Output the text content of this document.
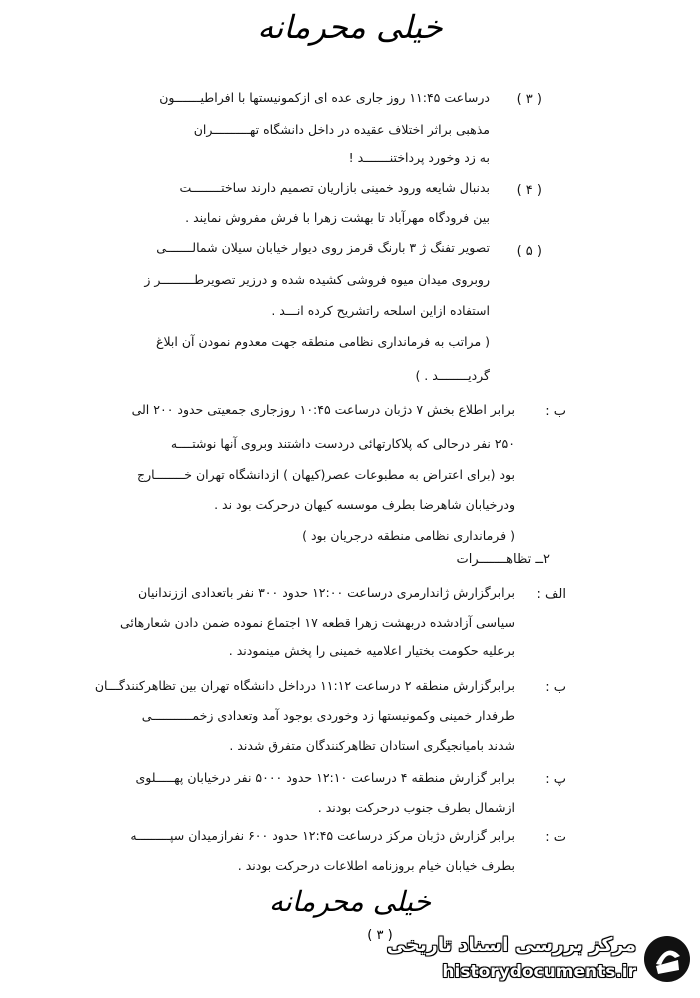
خیلی محرمانه
( ۳ )
درساعت ۱۱:۴۵ روز جاری عده ای ازکمونیستها با افراطیـــــــون
مذهبی براثر اختلاف عقیده در داخل دانشگاه تهــــــــــران
به زد وخورد پرداختنـــــــد !
( ۴ )
بدنبال شایعه ورود خمینی بازاریان تصمیم دارند ساختــــــــت
بین فرودگاه مهرآباد تا بهشت زهرا با فرش مفروش نمایند .
( ۵ )
تصویر تفنگ ژ ۳ بارنگ قرمز روی دیوار خیابان سیلان شمالـــــــی
روبروی میدان میوه فروشی کشیده شده و درزیر تصویرطـــــــــر ز
استفاده ازاین اسلحه راتشریح کرده انـــد .
( مراتب به فرمانداری نظامی منطقه جهت معدوم نمودن آن ابلاغ
گردیــــــــد . )
ب :
برابر اطلاع بخش ۷ دژبان درساعت ۱۰:۴۵ روزجاری جمعیتی حدود ۲۰۰ الی
۲۵۰ نفر درحالی که پلاکارتهائی دردست داشتند وبروی آنها نوشتــــه
بود (برای اعتراض به مطبوعات عصر(کیهان ) ازدانشگاه تهران خــــــــارج
ودرخیابان شاهرضا بطرف موسسه کیهان درحرکت بود ند .
( فرمانداری نظامی منطقه درجریان بود )
۲ــ تظاهـــــــرات
الف :
برابرگزارش ژاندارمری درساعت ۱۲:۰۰ حدود ۳۰۰ نفر باتعدادی اززندانیان
سیاسی آزادشده دربهشت زهرا قطعه ۱۷ اجتماع نموده ضمن دادن شعارهائی
برعلیه حکومت بختیار اعلامیه خمینی را پخش مینمودند .
ب :
برابرگزارش منطقه ۲ درساعت ۱۱:۱۲ درداخل دانشگاه تهران بین تظاهرکنندگـــان
طرفدار خمینی وکمونیستها زد وخوردی بوجود آمد وتعدادی زخمـــــــــــی
شدند بامیانجیگری استادان تظاهرکنندگان متفرق شدند .
پ :
برابر گزارش منطقه ۴ درساعت ۱۲:۱۰ حدود ۵۰۰۰ نفر درخیابان پهـــــلوی
ازشمال بطرف جنوب درحرکت بودند .
ت :
برابر گزارش دژبان مرکز درساعت ۱۲:۴۵ حدود ۶۰۰ نفرازمیدان سپـــــــــه
بطرف خیابان خیام بروزنامه اطلاعات درحرکت بودند .
خیلی محرمانه
( ۳ )
مرکز بررسی اسناد تاریخی
historydocuments.ir
